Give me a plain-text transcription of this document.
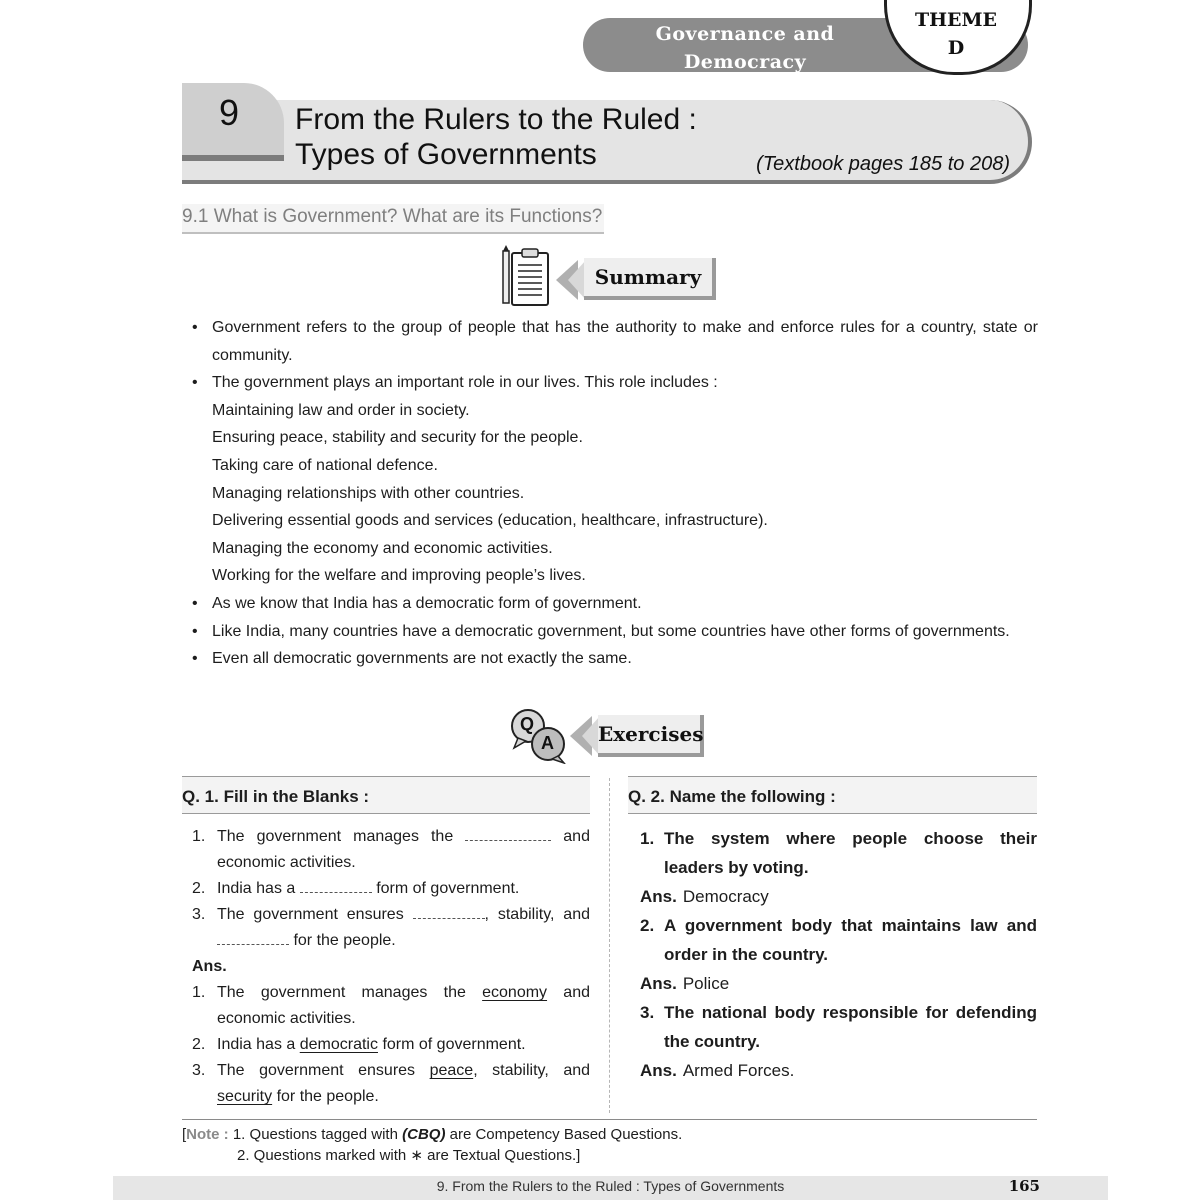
Governance and
Democracy
THEME
D
9	From the Rulers to the Ruled :
Types of Governments	(Textbook pages 185 to 208)
9.1 What is Government? What are its Functions?
Summary

• Government refers to the group of people that has the authority to make and enforce rules for a country, state or community.

• The government plays an important role in our lives. This role includes :

Maintaining law and order in society.

Ensuring peace, stability and security for the people.

Taking care of national defence.

Managing relationships with other countries.

Delivering essential goods and services (education, healthcare, infrastructure).

Managing the economy and economic activities.

Working for the welfare and improving people’s lives.

• As we know that India has a democratic form of government.

• Like India, many countries have a democratic government, but some countries have other forms of governments.

• Even all democratic governments are not exactly the same.

Q
A Exercises
Q. 1. Fill in the Blanks :
1. The government manages the	and economic activities.
2. India has a	form of government.
3. The government ensures	, stability, and  for the people.
Ans.
1. The government manages the economy and economic activities.
2. India has a democratic form of government.
3. The government ensures peace, stability, and security for the people.
Q. 2. Name the following :
1. The system where people choose their leaders by voting.
Ans. Democracy
2. A government body that maintains law and order in the country.
Ans. Police
3. The national body responsible for defending the country.
Ans. Armed Forces.
[Note : 1. Questions tagged with (CBQ) are Competency Based Questions.
2. Questions marked with ∗ are Textual Questions.]
9. From the Rulers to the Ruled : Types of Governments	165
